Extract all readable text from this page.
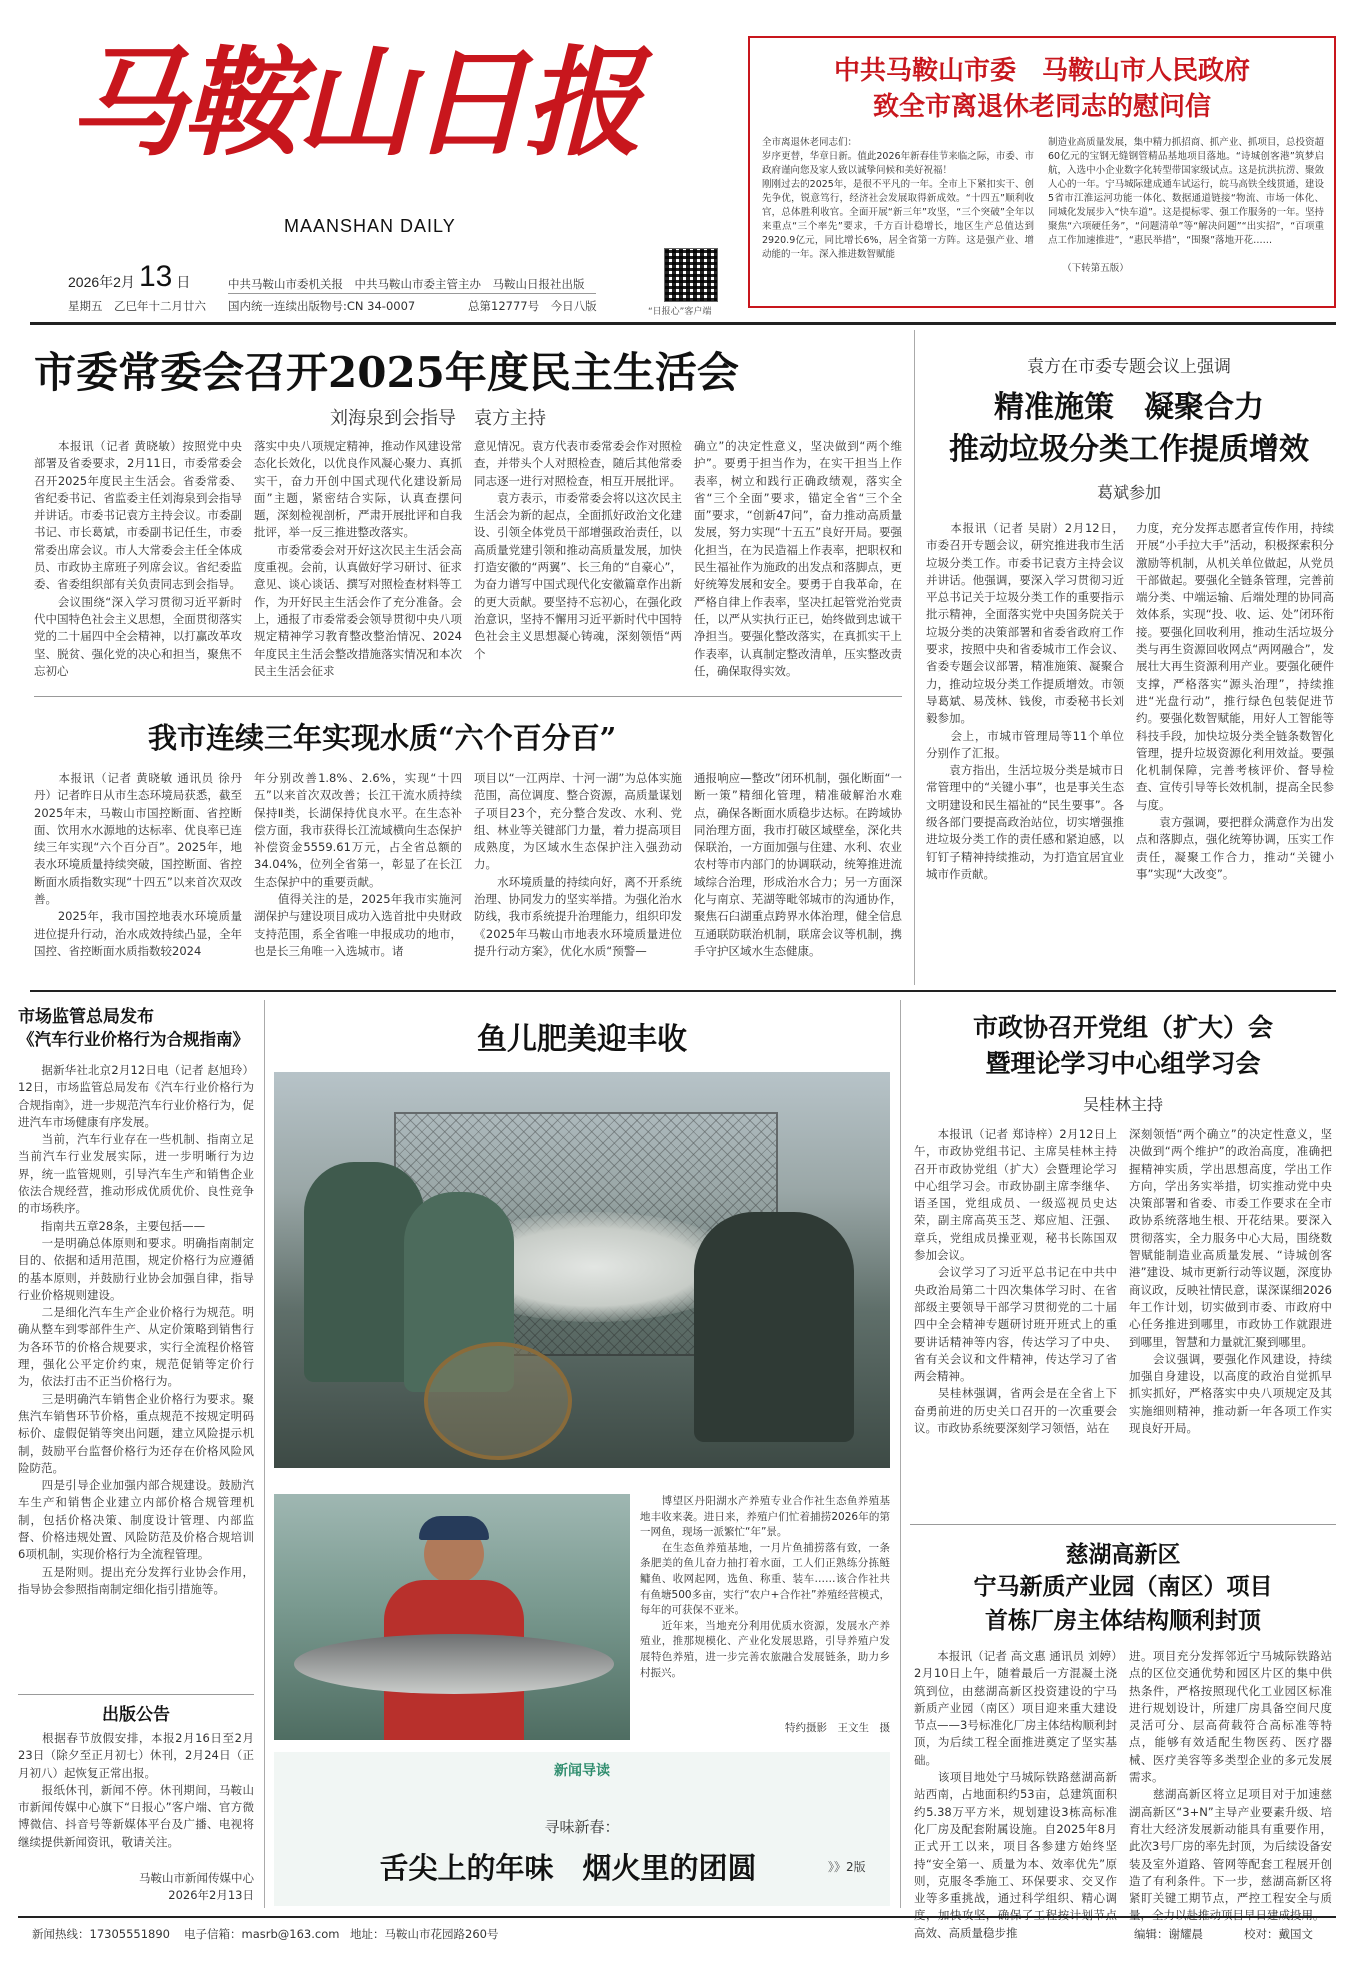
马鞍山日报
MAANSHAN DAILY
2026年2月 13 日
星期五　乙巳年十二月廿六
中共马鞍山市委机关报　中共马鞍山市委主管主办　马鞍山日报社出版
国内统一连续出版物号:CN 34-0007	总第12777号　今日八版	“日报心”客户端
中共马鞍山市委　马鞍山市人民政府
致全市离退休老同志的慰问信
全市离退休老同志们：
岁序更替，华章日新。值此2026年新春佳节来临之际，市委、市政府谨向您及家人致以诚挚问候和美好祝福！
刚刚过去的2025年，是很不平凡的一年。全市上下紧扣实干、创先争优，锐意笃行，经济社会发展取得新成效。“十四五”顺利收官，总体胜利收官。全面开展“新三年”攻坚，“三个突破”全年以来重点“三个率先”要求，千方百计稳增长，地区生产总值达到2920.9亿元，同比增长6%，居全省第一方阵。这是强产业、增动能的一年。深入推进数智赋能
制造业高质量发展，集中精力抓招商、抓产业、抓项目，总投资超60亿元的宝钢无缝钢管精品基地项目落地。“诗城创客港”筑梦启航，入选中小企业数字化转型带国家级试点。这是抗洪抗涝、聚敛人心的一年。宁马城际建成通车试运行，皖马高铁全线贯通，建设5省市江淮运河功能一体化、数据通道链接“物流、市场一体化、同城化发展步入“快车道”。这是提标零、强工作服务的一年。坚持聚焦“六项硬任务”，“问题清单”等“解决问题”“出实招”，“百项重点工作加速推进”，“惠民举措”，“围聚”落地开花……

　　（下转第五版）
市委常委会召开2025年度民主生活会
刘海泉到会指导　袁方主持
　　本报讯（记者 黄晓敏）按照党中央部署及省委要求，2月11日，市委常委会召开2025年度民主生活会。省委常委、省纪委书记、省监委主任刘海泉到会指导并讲话。市委书记袁方主持会议。市委副书记、市长葛斌，市委副书记任生，市委常委出席会议。市人大常委会主任全体成员、市政协主席班子列席会议。省纪委监委、省委组织部有关负责同志到会指导。
　　会议围绕“深入学习贯彻习近平新时代中国特色社会主义思想，全面贯彻落实党的二十届四中全会精神，以打赢改革攻坚、脱贫、强化党的决心和担当，聚焦不忘初心
落实中央八项规定精神，推动作风建设常态化长效化，以优良作风凝心聚力、真抓实干，奋力开创中国式现代化建设新局面”主题，紧密结合实际，认真查摆问题，深刻检视剖析，严肃开展批评和自我批评，举一反三推进整改落实。
　　市委常委会对开好这次民主生活会高度重视。会前，认真做好学习研讨、征求意见、谈心谈话、撰写对照检查材料等工作，为开好民主生活会作了充分准备。会上，通报了市委常委会领导贯彻中央八项规定精神学习教育整改整治情况、2024年度民主生活会整改措施落实情况和本次民主生活会征求
意见情况。袁方代表市委常委会作对照检查，并带头个人对照检查，随后其他常委同志逐一进行对照检查，相互开展批评。
　　袁方表示，市委常委会将以这次民主生活会为新的起点，全面抓好政治文化建设、引领全体党员干部增强政治责任，以高质量党建引领和推动高质量发展，加快打造安徽的“两翼”、长三角的“自豪心”，为奋力谱写中国式现代化安徽篇章作出新的更大贡献。要坚持不忘初心，在强化政治意识，坚持不懈用习近平新时代中国特色社会主义思想凝心铸魂，深刻领悟“两个
确立”的决定性意义，坚决做到“两个维护”。要勇于担当作为，在实干担当上作表率，树立和践行正确政绩观，落实全省“三个全面”要求，锚定全省“三个全面”要求，“创新47问”，奋力推动高质量发展，努力实现“十五五”良好开局。要强化担当，在为民造福上作表率，把职权和民生福祉作为施政的出发点和落脚点，更好统筹发展和安全。要勇于自我革命，在严格自律上作表率，坚决扛起管党治党责任，以严从实执行正已，始终做到忠诚干净担当。要强化整改落实，在真抓实干上作表率，认真制定整改清单，压实整改责任，确保取得实效。
我市连续三年实现水质“六个百分百”
　　本报讯（记者 黄晓敏 通讯员 徐丹丹）记者昨日从市生态环境局获悉，截至2025年末，马鞍山市国控断面、省控断面、饮用水水源地的达标率、优良率已连续三年实现“六个百分百”。2025年，地表水环境质量持续突破，国控断面、省控断面水质指数实现“十四五”以来首次双改善。
　　2025年，我市国控地表水环境质量进位提升行动，治水成效持续凸显，全年国控、省控断面水质指数较2024
年分别改善1.8%、2.6%，实现“十四五”以来首次双改善；长江干流水质持续保持Ⅱ类，长湖保持优良水平。在生态补偿方面，我市获得长江流域横向生态保护补偿资金5559.61万元，占全省总额的34.04%，位列全省第一，彰显了在长江生态保护中的重要贡献。
　　值得关注的是，2025年我市实施河湖保护与建设项目成功入选首批中央财政支持范围，系全省唯一申报成功的地市，也是长三角唯一入选城市。诸
项目以“一江两岸、十河一湖”为总体实施范围，高位调度、整合资源，高质量谋划子项目23个，充分整合发改、水利、党组、林业等关键部门力量，着力提高项目成熟度，为区域水生态保护注入强劲动力。
　　水环境质量的持续向好，离不开系统治理、协同发力的坚实举措。为强化治水防线，我市系统提升治理能力，组织印发《2025年马鞍山市地表水环境质量进位提升行动方案》，优化水质“预警—
通报响应—整改”闭环机制，强化断面“一断一策”精细化管理，精准破解治水难点，确保各断面水质稳步达标。在跨域协同治理方面，我市打破区域壁垒，深化共保联治，一方面加强与住建、水利、农业农村等市内部门的协调联动，统筹推进流域综合治理，形成治水合力；另一方面深化与南京、芜湖等毗邻城市的沟通协作，聚焦石臼湖重点跨界水体治理，健全信息互通联防联治机制，联席会议等机制，携手守护区域水生态健康。
袁方在市委专题会议上强调
精准施策　凝聚合力
推动垃圾分类工作提质增效
葛斌参加
　　本报讯（记者 吴尉）2月12日，市委召开专题会议，研究推进我市生活垃圾分类工作。市委书记袁方主持会议并讲话。他强调，要深入学习贯彻习近平总书记关于垃圾分类工作的重要指示批示精神，全面落实党中央国务院关于垃圾分类的决策部署和省委省政府工作要求，按照中央和省委城市工作会议、省委专题会议部署，精准施策、凝聚合力，推动垃圾分类工作提质增效。市领导葛斌、易茂林、钱俊，市委秘书长刘毅参加。
　　会上，市城市管理局等11个单位分别作了汇报。
　　袁方指出，生活垃圾分类是城市日常管理中的“关键小事”，也是事关生态文明建设和民生福祉的“民生要事”。各级各部门要提高政治站位，切实增强推进垃圾分类工作的责任感和紧迫感，以钉钉子精神持续推动，为打造宜居宜业城市作贡献。
力度，充分发挥志愿者宣传作用，持续开展“小手拉大手”活动，积极探索积分激励等机制，从机关单位做起，从党员干部做起。要强化全链条管理，完善前端分类、中端运输、后端处理的协同高效体系，实现“投、收、运、处”闭环衔接。要强化回收利用，推动生活垃圾分类与再生资源回收网点“两网融合”，发展壮大再生资源利用产业。要强化硬件支撑，严格落实“源头治理”，持续推进“光盘行动”，推行绿色包装促进节约。要强化数智赋能，用好人工智能等科技手段，加快垃圾分类全链条数智化管理，提升垃圾资源化利用效益。要强化机制保障，完善考核评价、督导检查、宣传引导等长效机制，提高全民参与度。
　　袁方强调，要把群众满意作为出发点和落脚点，强化统筹协调，压实工作责任，凝聚工作合力，推动“关键小事”实现“大改变”。
市场监管总局发布
《汽车行业价格行为合规指南》
　　据新华社北京2月12日电（记者 赵旭玲）12日，市场监管总局发布《汽车行业价格行为合规指南》，进一步规范汽车行业价格行为，促进汽车市场健康有序发展。
　　当前，汽车行业存在一些机制、指南立足当前汽车行业发展实际，进一步明晰行为边界，统一监管规则，引导汽车生产和销售企业依法合规经营，推动形成优质优价、良性竞争的市场秩序。
　　指南共五章28条，主要包括——
　　一是明确总体原则和要求。明确指南制定目的、依据和适用范围，规定价格行为应遵循的基本原则，并鼓励行业协会加强自律，指导行业价格规则建设。
　　二是细化汽车生产企业价格行为规范。明确从整车到零部件生产、从定价策略到销售行为各环节的价格合规要求，实行全流程价格管理，强化公平定价约束，规范促销等定价行为，依法打击不正当价格行为。
　　三是明确汽车销售企业价格行为要求。聚焦汽车销售环节价格，重点规范不按规定明码标价、虚假促销等突出问题，建立风险提示机制，鼓励平台监督价格行为还存在价格风险风险防范。
　　四是引导企业加强内部合规建设。鼓励汽车生产和销售企业建立内部价格合规管理机制，包括价格决策、制度设计管理、内部监督、价格违规处置、风险防范及价格合规培训6项机制，实现价格行为全流程管理。
　　五是附则。提出充分发挥行业协会作用，指导协会参照指南制定细化指引措施等。
出版公告
　　根据春节放假安排，本报2月16日至2月23日（除夕至正月初七）休刊，2月24日（正月初八）起恢复正常出报。
　　报纸休刊，新闻不停。休刊期间，马鞍山市新闻传媒中心旗下“日报心”客户端、官方微博微信、抖音号等新媒体平台及广播、电视将继续提供新闻资讯，敬请关注。
马鞍山市新闻传媒中心
2026年2月13日
鱼儿肥美迎丰收
　　博望区丹阳湖水产养殖专业合作社生态鱼养殖基地丰收来袭。进日来，养殖户们忙着捕捞2026年的第一网鱼，现场一派繁忙“年”景。
　　在生态鱼养殖基地，一月片鱼捕捞落有致，一条条肥美的鱼儿奋力抽打着水面，工人们正熟练分拣鲢鳙鱼、收网起网，选鱼、称重、装车……该合作社共有鱼塘500多亩，实行“农户+合作社”养殖经营模式，每年的可获保不亚米。
　　近年来，当地充分利用优质水资源，发展水产养殖业，推那规模化、产业化发展思路，引导养殖户发展特色养殖，进一步完善农旅融合发展链条，助力乡村振兴。
特约摄影　王文生　摄
新闻导读
寻味新春：
舌尖上的年味　烟火里的团圆	》》2版
市政协召开党组（扩大）会
暨理论学习中心组学习会
吴桂林主持
　　本报讯（记者 郑诗梓）2月12日上午，市政协党组书记、主席吴桂林主持召开市政协党组（扩大）会暨理论学习中心组学习会。市政协副主席李继华、语圣国，党组成员、一级巡视员史达荣，副主席高英玉芝、郑应旭、汪强、章兵，党组成员操亚观，秘书长陈国双参加会议。
　　会议学习了习近平总书记在中共中央政治局第二十四次集体学习时、在省部级主要领导干部学习贯彻党的二十届四中全会精神专题研讨班开班式上的重要讲话精神等内容，传达学习了中央、省有关会议和文件精神，传达学习了省两会精神。
　　吴桂林强调，省两会是在全省上下奋勇前进的历史关口召开的一次重要会议。市政协系统要深刻学习领悟，站在
深刻领悟“两个确立”的决定性意义，坚决做到“两个维护”的政治高度，准确把握精神实质，学出思想高度，学出工作方向，学出务实举措，切实推动党中央决策部署和省委、市委工作要求在全市政协系统落地生根、开花结果。要深入贯彻落实，全力服务中心大局，围绕数智赋能制造业高质量发展、“诗城创客港”建设、城市更新行动等议题，深度协商议政，反映社情民意，谋深谋细2026年工作计划，切实做到市委、市政府中心任务推进到哪里，市政协工作就跟进到哪里，智慧和力量就汇聚到哪里。
　　会议强调，要强化作风建设，持续加强自身建设，以高度的政治自觉抓早抓实抓好，严格落实中央八项规定及其实施细则精神，推动新一年各项工作实现良好开局。
慈湖高新区
宁马新质产业园（南区）项目
首栋厂房主体结构顺利封顶
　　本报讯（记者 高文惠 通讯员 刘婷）2月10日上午，随着最后一方混凝土浇筑到位，由慈湖高新区投资建设的宁马新质产业园（南区）项目迎来重大建设节点——3号标准化厂房主体结构顺利封顶，为后续工程全面推进奠定了坚实基础。
　　该项目地处宁马城际铁路慈湖高新站西南，占地面积约53亩，总建筑面积约5.38万平方米，规划建设3栋高标准化厂房及配套附属设施。自2025年8月正式开工以来，项目各参建方始终坚持“安全第一、质量为本、效率优先”原则，克服冬季施工、环保要求、交叉作业等多重挑战，通过科学组织、精心调 高效、高质量稳步推
进。项目充分发挥邻近宁马城际铁路站点的区位交通优势和园区片区的集中供热条件，严格按照现代化工业园区标准进行规划设计，所建厂房具备空间尺度灵活可分、层高荷载符合高标准等特点，能够有效适配生物医药、医疗器械、医疗美容等多类型企业的多元发展需求。
　　慈湖高新区将立足项目对于加速慈湖高新区“3+N”主导产业要素升级、培育壮大经济发展新动能具有重要作用，此次3号厂房的率先封顶，为后续设备安装及室外道路、管网等配套工程展开创造了有利条件。下一步，慈湖高新区将紧盯关键工期节点，严控工程安全与质
新闻热线：17305551890 电子信箱：masrb@163.com 地址：马鞍山市花园路260号	编辑：谢耀晨	校对：戴国文
